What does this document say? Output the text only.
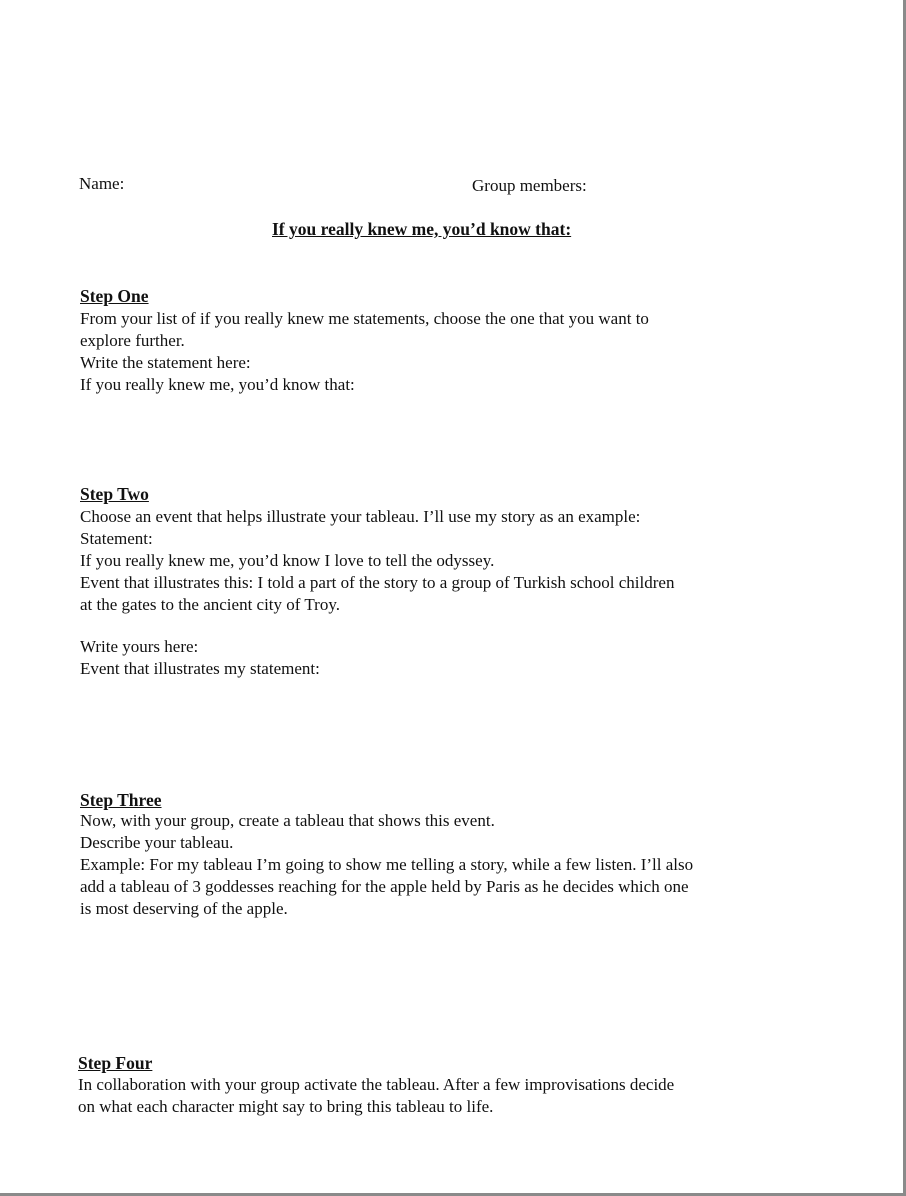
Name:	Group members:
If you really knew me, you’d know that:
Step One
From your list of if you really knew me statements, choose the one that you want to
explore further.
Write the statement here:
If you really knew me, you’d know that:
Step Two
Choose an event that helps illustrate your tableau. I’ll use my story as an example:
Statement:
If you really knew me, you’d know I love to tell the odyssey.
Event that illustrates this: I told a part of the story to a group of Turkish school children
at the gates to the ancient city of Troy.
Write yours here:
Event that illustrates my statement:
Step Three
Now, with your group, create a tableau that shows this event.
Describe your tableau.
Example: For my tableau I’m going to show me telling a story, while a few listen. I’ll also
add a tableau of 3 goddesses reaching for the apple held by Paris as he decides which one
is most deserving of the apple.
Step Four
In collaboration with your group activate the tableau. After a few improvisations decide
on what each character might say to bring this tableau to life.
